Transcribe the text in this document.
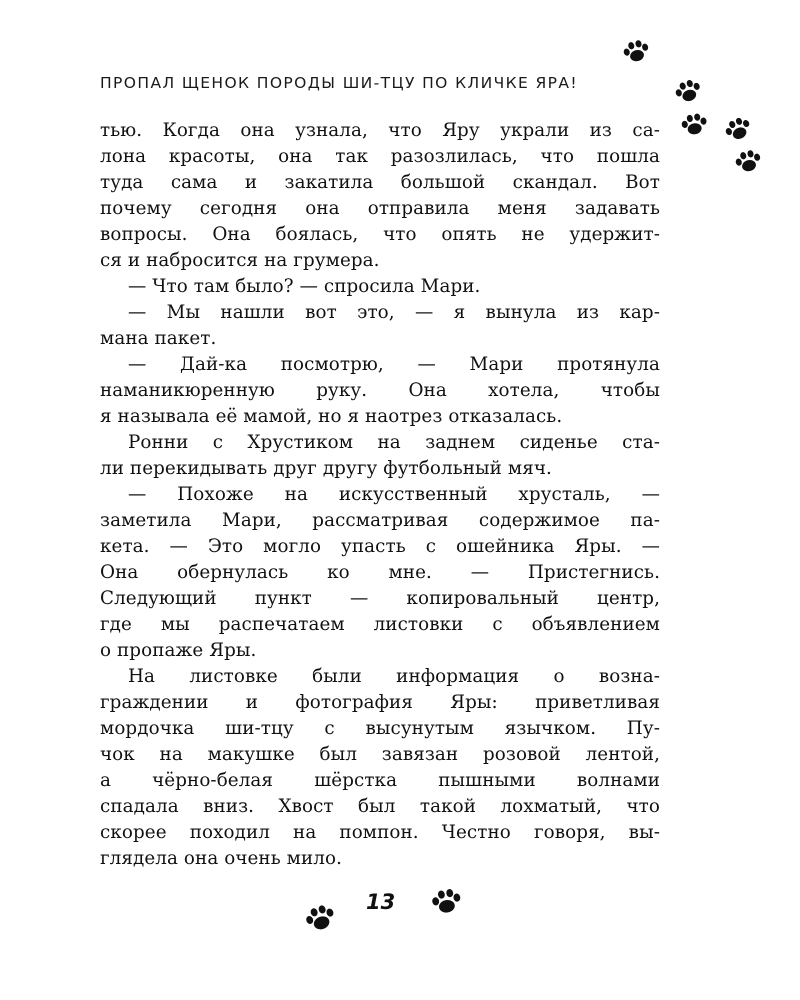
ПРОПАЛ ЩЕНОК ПОРОДЫ ШИ-ТЦУ ПО КЛИЧКЕ ЯРА!
тью. Когда она узнала, что Яру украли из са-
лона красоты, она так разозлилась, что пошла
туда сама и закатила большой скандал. Вот
почему сегодня она отправила меня задавать
вопросы. Она боялась, что опять не удержит-
ся и набросится на грумера.
— Что там было? — спросила Мари.
— Мы нашли вот это, — я вынула из кар-
мана пакет.
— Дай-ка посмотрю, — Мари протянула
наманикюренную руку. Она хотела, чтобы
я называла её мамой, но я наотрез отказалась.
Ронни с Хрустиком на заднем сиденье ста-
ли перекидывать друг другу футбольный мяч.
— Похоже на искусственный хрусталь, —
заметила Мари, рассматривая содержимое па-
кета. — Это могло упасть с ошейника Яры. —
Она обернулась ко мне. — Пристегнись.
Следующий пункт — копировальный центр,
где мы распечатаем листовки с объявлением
о пропаже Яры.
На листовке были информация о возна-
граждении и фотография Яры: приветливая
мордочка ши-тцу с высунутым язычком. Пу-
чок на макушке был завязан розовой лентой,
а чёрно-белая шёрстка пышными волнами
спадала вниз. Хвост был такой лохматый, что
скорее походил на помпон. Честно говоря, вы-
глядела она очень мило.
13
